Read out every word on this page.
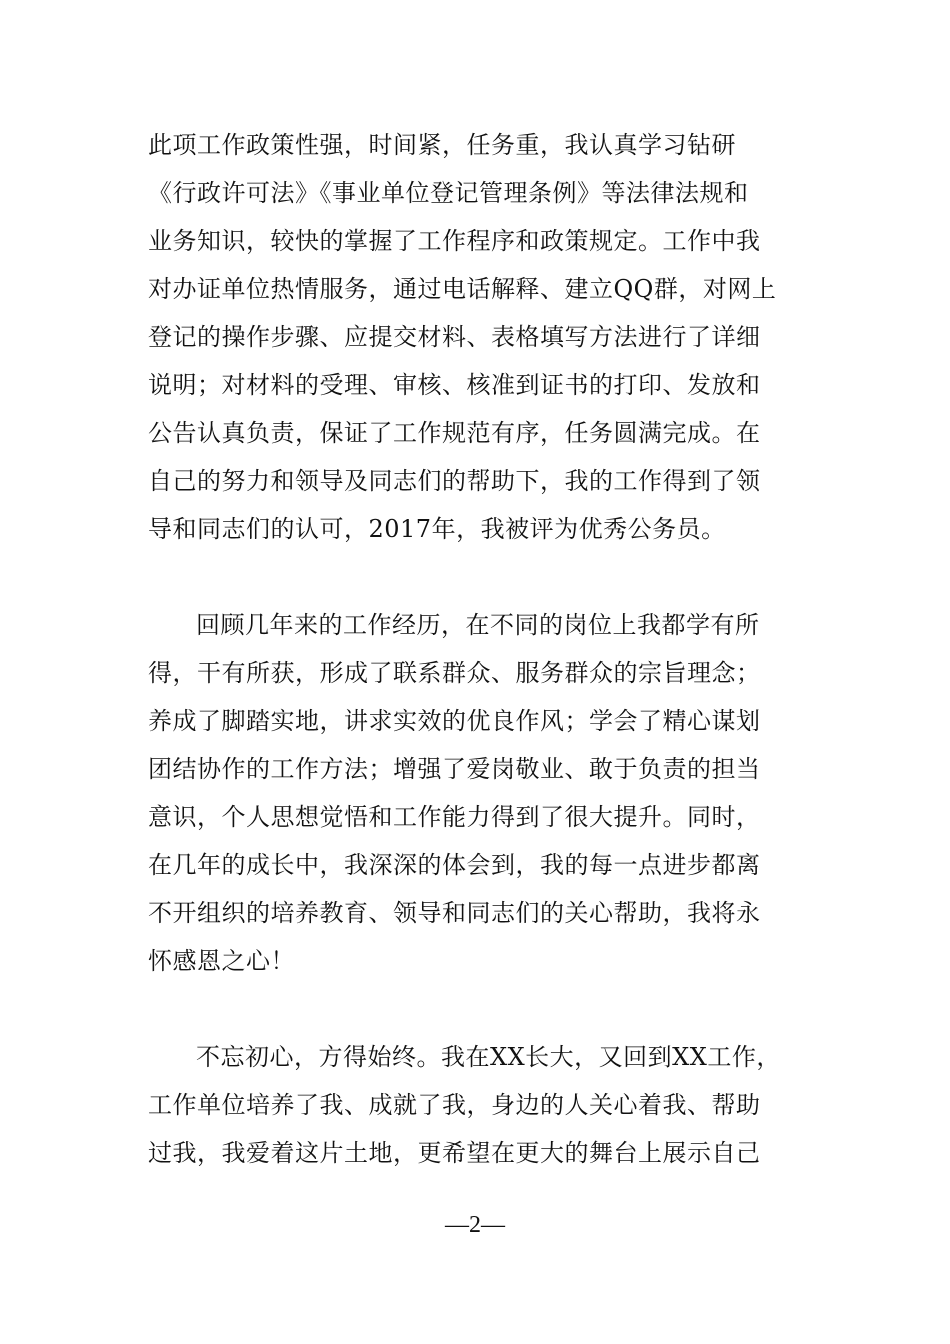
此项工作政策性强，时间紧，任务重，我认真学习钻研
《行政许可法》《事业单位登记管理条例》等法律法规和
业务知识，较快的掌握了工作程序和政策规定。工作中我
对办证单位热情服务，通过电话解释、建立QQ群，对网上
登记的操作步骤、应提交材料、表格填写方法进行了详细
说明；对材料的受理、审核、核准到证书的打印、发放和
公告认真负责，保证了工作规范有序，任务圆满完成。在
自己的努力和领导及同志们的帮助下，我的工作得到了领
导和同志们的认可，2017年，我被评为优秀公务员。
回顾几年来的工作经历，在不同的岗位上我都学有所
得，干有所获，形成了联系群众、服务群众的宗旨理念；
养成了脚踏实地，讲求实效的优良作风；学会了精心谋划
团结协作的工作方法；增强了爱岗敬业、敢于负责的担当
意识，个人思想觉悟和工作能力得到了很大提升。同时，
在几年的成长中，我深深的体会到，我的每一点进步都离
不开组织的培养教育、领导和同志们的关心帮助，我将永
怀感恩之心！
不忘初心，方得始终。我在XX长大，又回到XX工作，
工作单位培养了我、成就了我，身边的人关心着我、帮助
过我，我爱着这片土地，更希望在更大的舞台上展示自己
—2—
